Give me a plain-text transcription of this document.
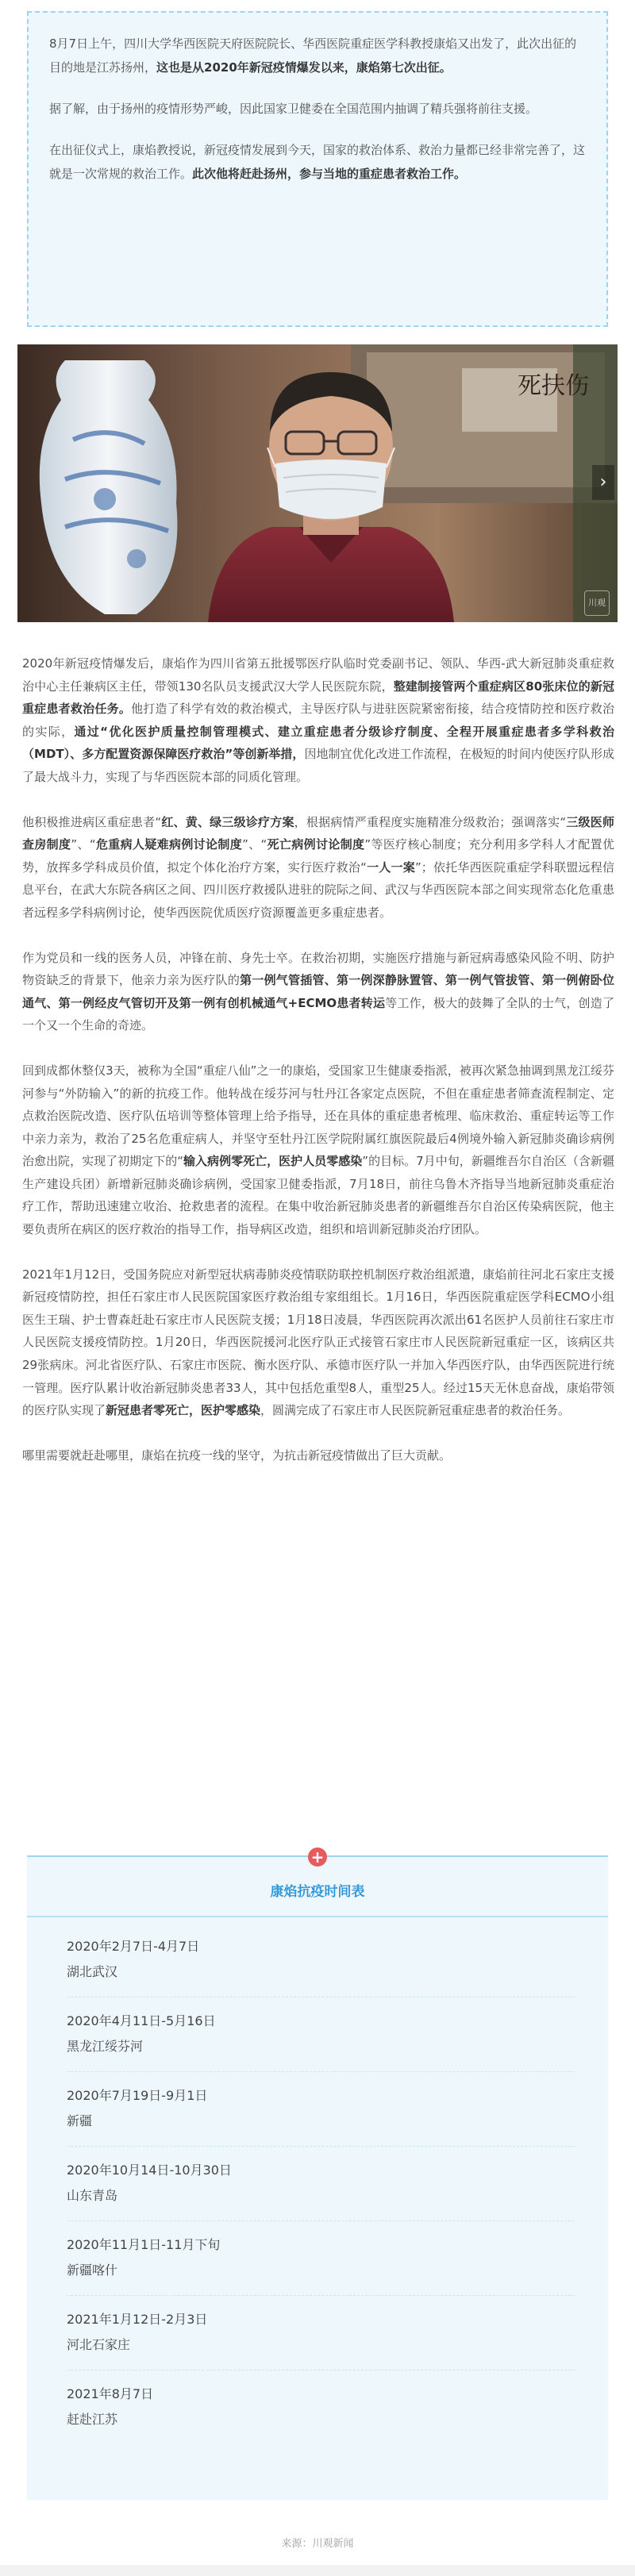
8月7日上午，四川大学华西医院天府医院院长、华西医院重症医学科教授康焰又出发了，此次出征的目的地是江苏扬州，这也是从2020年新冠疫情爆发以来，康焰第七次出征。

据了解，由于扬州的疫情形势严峻，因此国家卫健委在全国范围内抽调了精兵强将前往支援。

在出征仪式上，康焰教授说，新冠疫情发展到今天，国家的救治体系、救治力量都已经非常完善了，这就是一次常规的救治工作。此次他将赶赴扬州，参与当地的重症患者救治工作。

死扶伤
›
川观

2020年新冠疫情爆发后，康焰作为四川省第五批援鄂医疗队临时党委副书记、领队、华西-武大新冠肺炎重症救治中心主任兼病区主任，带领130名队员支援武汉大学人民医院东院，整建制接管两个重症病区80张床位的新冠重症患者救治任务。他打造了科学有效的救治模式，主导医疗队与进驻医院紧密衔接，结合疫情防控和医疗救治的实际，通过“优化医护质量控制管理模式、建立重症患者分级诊疗制度、全程开展重症患者多学科救治（MDT）、多方配置资源保障医疗救治”等创新举措，因地制宜优化改进工作流程，在极短的时间内使医疗队形成了最大战斗力，实现了与华西医院本部的同质化管理。

他积极推进病区重症患者“红、黄、绿三级诊疗方案，根据病情严重程度实施精准分级救治；强调落实“三级医师查房制度”、“危重病人疑难病例讨论制度”、“死亡病例讨论制度”等医疗核心制度；充分利用多学科人才配置优势，放挥多学科成员价值，拟定个体化治疗方案，实行医疗救治“一人一案”；依托华西医院重症学科联盟远程信息平台，在武大东院各病区之间、四川医疗救援队进驻的院际之间、武汉与华西医院本部之间实现常态化危重患者远程多学科病例讨论，使华西医院优质医疗资源覆盖更多重症患者。

作为党员和一线的医务人员，冲锋在前、身先士卒。在救治初期，实施医疗措施与新冠病毒感染风险不明、防护物资缺乏的背景下，他亲力亲为医疗队的第一例气管插管、第一例深静脉置管、第一例气管拔管、第一例俯卧位通气、第一例经皮气管切开及第一例有创机械通气+ECMO患者转运等工作，极大的鼓舞了全队的士气，创造了一个又一个生命的奇迹。

回到成都休整仅3天，被称为全国“重症八仙”之一的康焰，受国家卫生健康委指派，被再次紧急抽调到黑龙江绥芬河参与“外防输入”的新的抗疫工作。他转战在绥芬河与牡丹江各家定点医院，不但在重症患者筛查流程制定、定点救治医院改造、医疗队伍培训等整体管理上给予指导，还在具体的重症患者梳理、临床救治、重症转运等工作中亲力亲为，救治了25名危重症病人，并坚守至牡丹江医学院附属红旗医院最后4例境外输入新冠肺炎确诊病例治愈出院，实现了初期定下的“输入病例零死亡，医护人员零感染”的目标。7月中旬，新疆维吾尔自治区（含新疆生产建设兵团）新增新冠肺炎确诊病例，受国家卫健委指派，7月18日，前往乌鲁木齐指导当地新冠肺炎重症治疗工作，帮助迅速建立收治、抢救患者的流程。在集中收治新冠肺炎患者的新疆维吾尔自治区传染病医院，他主要负责所在病区的医疗救治的指导工作，指导病区改造，组织和培训新冠肺炎治疗团队。

2021年1月12日，受国务院应对新型冠状病毒肺炎疫情联防联控机制医疗救治组派遣，康焰前往河北石家庄支援新冠疫情防控，担任石家庄市人民医院国家医疗救治组专家组组长。1月16日，华西医院重症医学科ECMO小组医生王瑞、护士曹森赶赴石家庄市人民医院支援；1月18日凌晨，华西医院再次派出61名医护人员前往石家庄市人民医院支援疫情防控。1月20日，华西医院援河北医疗队正式接管石家庄市人民医院新冠重症一区，该病区共29张病床。河北省医疗队、石家庄市医院、衡水医疗队、承德市医疗队一并加入华西医疗队，由华西医院进行统一管理。医疗队累计收治新冠肺炎患者33人，其中包括危重型8人，重型25人。经过15天无休息奋战，康焰带领的医疗队实现了新冠患者零死亡，医护零感染，圆满完成了石家庄市人民医院新冠重症患者的救治任务。

哪里需要就赶赴哪里，康焰在抗疫一线的坚守，为抗击新冠疫情做出了巨大贡献。

+
康焰抗疫时间表
2020年2月7日-4月7日
湖北武汉
2020年4月11日-5月16日
黑龙江绥芬河
2020年7月19日-9月1日
新疆
2020年10月14日-10月30日
山东青岛
2020年11月1日-11月下旬
新疆喀什
2021年1月12日-2月3日
河北石家庄
2021年8月7日
赶赴江苏
来源：川观新闻
